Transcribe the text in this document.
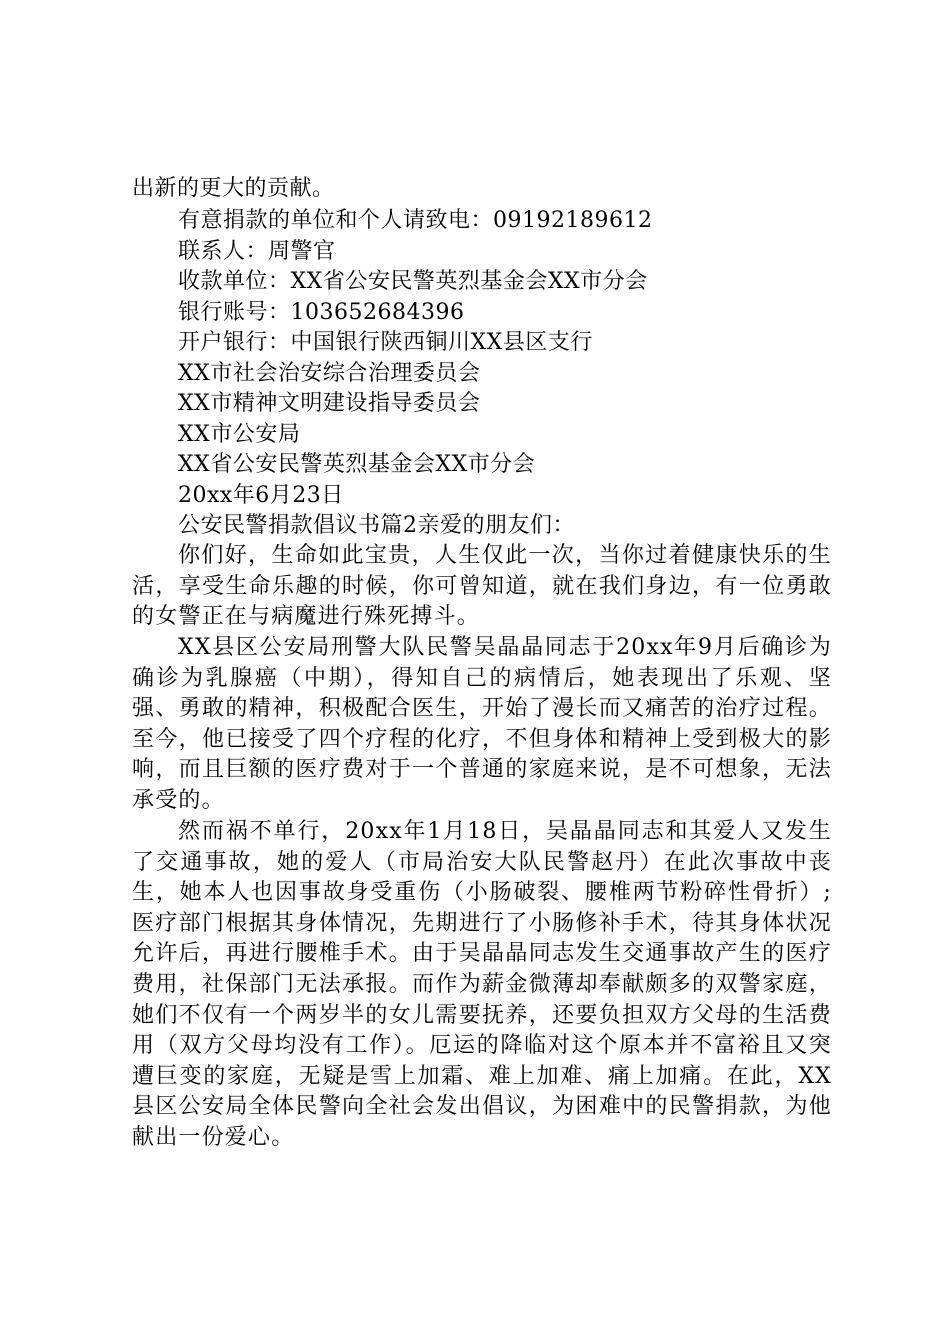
出新的更大的贡献。
有意捐款的单位和个人请致电：09192189612
联系人：周警官
收款单位：XX省公安民警英烈基金会XX市分会
银行账号：103652684396
开户银行：中国银行陕西铜川XX县区支行
XX市社会治安综合治理委员会
XX市精神文明建设指导委员会
XX市公安局
XX省公安民警英烈基金会XX市分会
20xx年6月23日
公安民警捐款倡议书篇2亲爱的朋友们：
你们好，生命如此宝贵，人生仅此一次，当你过着健康快乐的生活，享受生命乐趣的时候，你可曾知道，就在我们身边，有一位勇敢的女警正在与病魔进行殊死搏斗。
XX县区公安局刑警大队民警吴晶晶同志于20xx年9月后确诊为确诊为乳腺癌（中期），得知自己的病情后，她表现出了乐观、坚强、勇敢的精神，积极配合医生，开始了漫长而又痛苦的治疗过程。至今，他已接受了四个疗程的化疗，不但身体和精神上受到极大的影响，而且巨额的医疗费对于一个普通的家庭来说，是不可想象，无法承受的。
然而祸不单行，20xx年1月18日，吴晶晶同志和其爱人又发生了交通事故，她的爱人（市局治安大队民警赵丹）在此次事故中丧生，她本人也因事故身受重伤（小肠破裂、腰椎两节粉碎性骨折）;医疗部门根据其身体情况，先期进行了小肠修补手术，待其身体状况允许后，再进行腰椎手术。由于吴晶晶同志发生交通事故产生的医疗费用，社保部门无法承报。而作为薪金微薄却奉献颇多的双警家庭，她们不仅有一个两岁半的女儿需要抚养，还要负担双方父母的生活费用（双方父母均没有工作）。厄运的降临对这个原本并不富裕且又突遭巨变的家庭，无疑是雪上加霜、难上加难、痛上加痛。在此，XX县区公安局全体民警向全社会发出倡议，为困难中的民警捐款，为他献出一份爱心。
